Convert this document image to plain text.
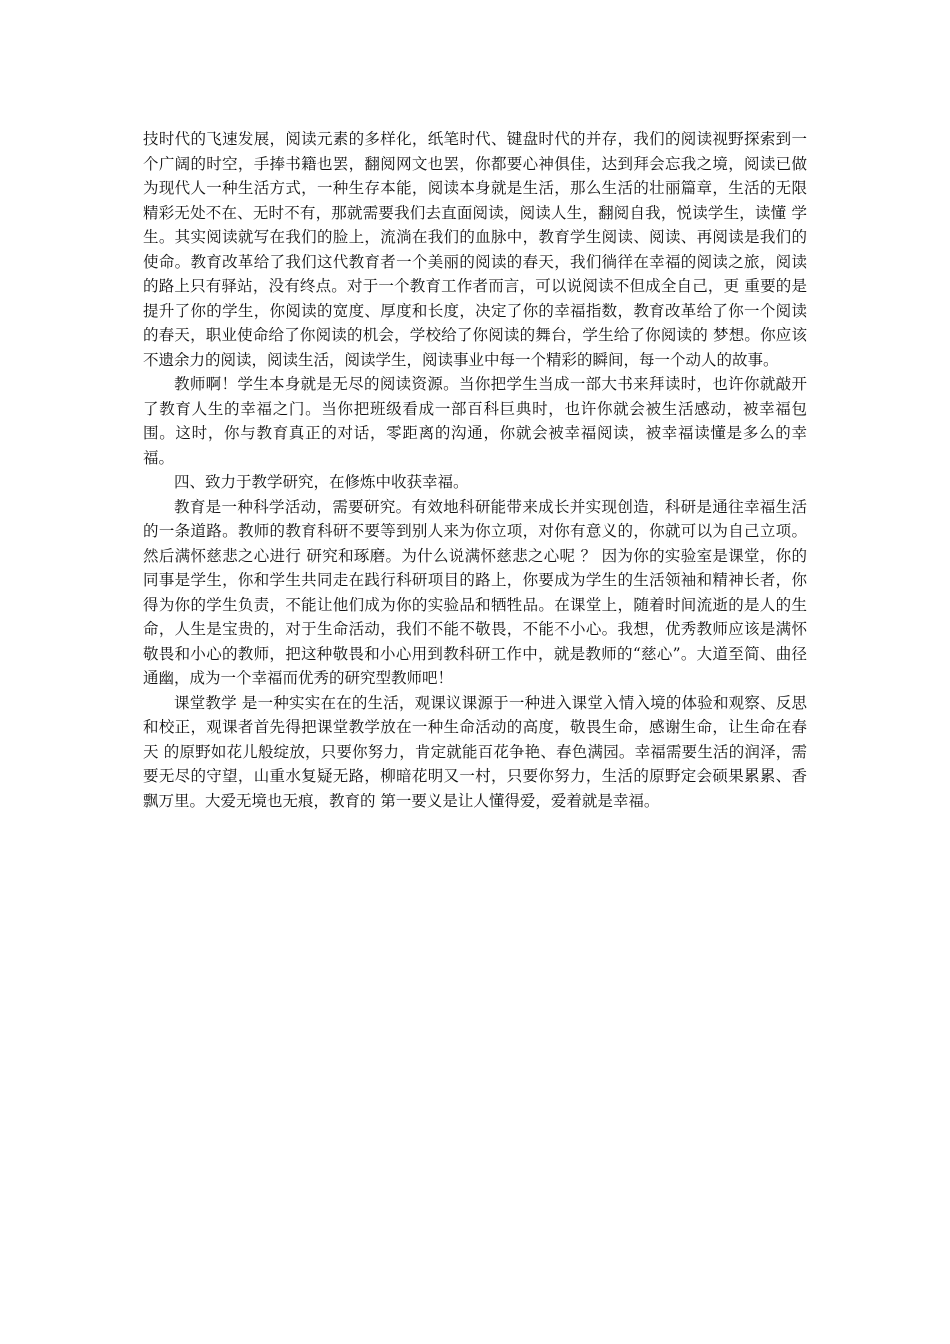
技时代的飞速发展，阅读元素的多样化，纸笔时代、键盘时代的并存，我们的阅读视野探索到一个广阔的时空，手捧书籍也罢，翻阅网文也罢，你都要心神俱佳，达到拜会忘我之境，阅读已做为现代人一种生活方式，一种生存本能，阅读本身就是生活，那么生活的壮丽篇章，生活的无限精彩无处不在、无时不有，那就需要我们去直面阅读，阅读人生，翻阅自我，悦读学生，读懂 学生。其实阅读就写在我们的脸上，流淌在我们的血脉中，教育学生阅读、阅读、再阅读是我们的使命。教育改革给了我们这代教育者一个美丽的阅读的春天，我们徜徉在幸福的阅读之旅，阅读的路上只有驿站，没有终点。对于一个教育工作者而言，可以说阅读不但成全自己，更 重要的是提升了你的学生，你阅读的宽度、厚度和长度，决定了你的幸福指数，教育改革给了你一个阅读的春天，职业使命给了你阅读的机会，学校给了你阅读的舞台，学生给了你阅读的 梦想。你应该不遗余力的阅读，阅读生活，阅读学生，阅读事业中每一个精彩的瞬间，每一个动人的故事。

教师啊！学生本身就是无尽的阅读资源。当你把学生当成一部大书来拜读时，也许你就敲开了教育人生的幸福之门。当你把班级看成一部百科巨典时，也许你就会被生活感动，被幸福包围。这时，你与教育真正的对话，零距离的沟通，你就会被幸福阅读，被幸福读懂是多么的幸福。

四、致力于教学研究，在修炼中收获幸福。

教育是一种科学活动，需要研究。有效地科研能带来成长并实现创造，科研是通往幸福生活的一条道路。教师的教育科研不要等到别人来为你立项，对你有意义的，你就可以为自己立项。然后满怀慈悲之心进行 研究和琢磨。为什么说满怀慈悲之心呢 ？ 因为你的实验室是课堂，你的同事是学生，你和学生共同走在践行科研项目的路上，你要成为学生的生活领袖和精神长者，你得为你的学生负责，不能让他们成为你的实验品和牺牲品。在课堂上，随着时间流逝的是人的生命，人生是宝贵的，对于生命活动，我们不能不敬畏，不能不小心。我想，优秀教师应该是满怀敬畏和小心的教师，把这种敬畏和小心用到教科研工作中，就是教师的“慈心”。大道至简、曲径通幽，成为一个幸福而优秀的研究型教师吧！

课堂教学 是一种实实在在的生活，观课议课源于一种进入课堂入情入境的体验和观察、反思和校正，观课者首先得把课堂教学放在一种生命活动的高度，敬畏生命，感谢生命，让生命在春天 的原野如花儿般绽放，只要你努力，肯定就能百花争艳、春色满园。幸福需要生活的润泽，需要无尽的守望，山重水复疑无路，柳暗花明又一村，只要你努力，生活的原野定会硕果累累、香飘万里。大爱无境也无痕，教育的 第一要义是让人懂得爱，爱着就是幸福。
